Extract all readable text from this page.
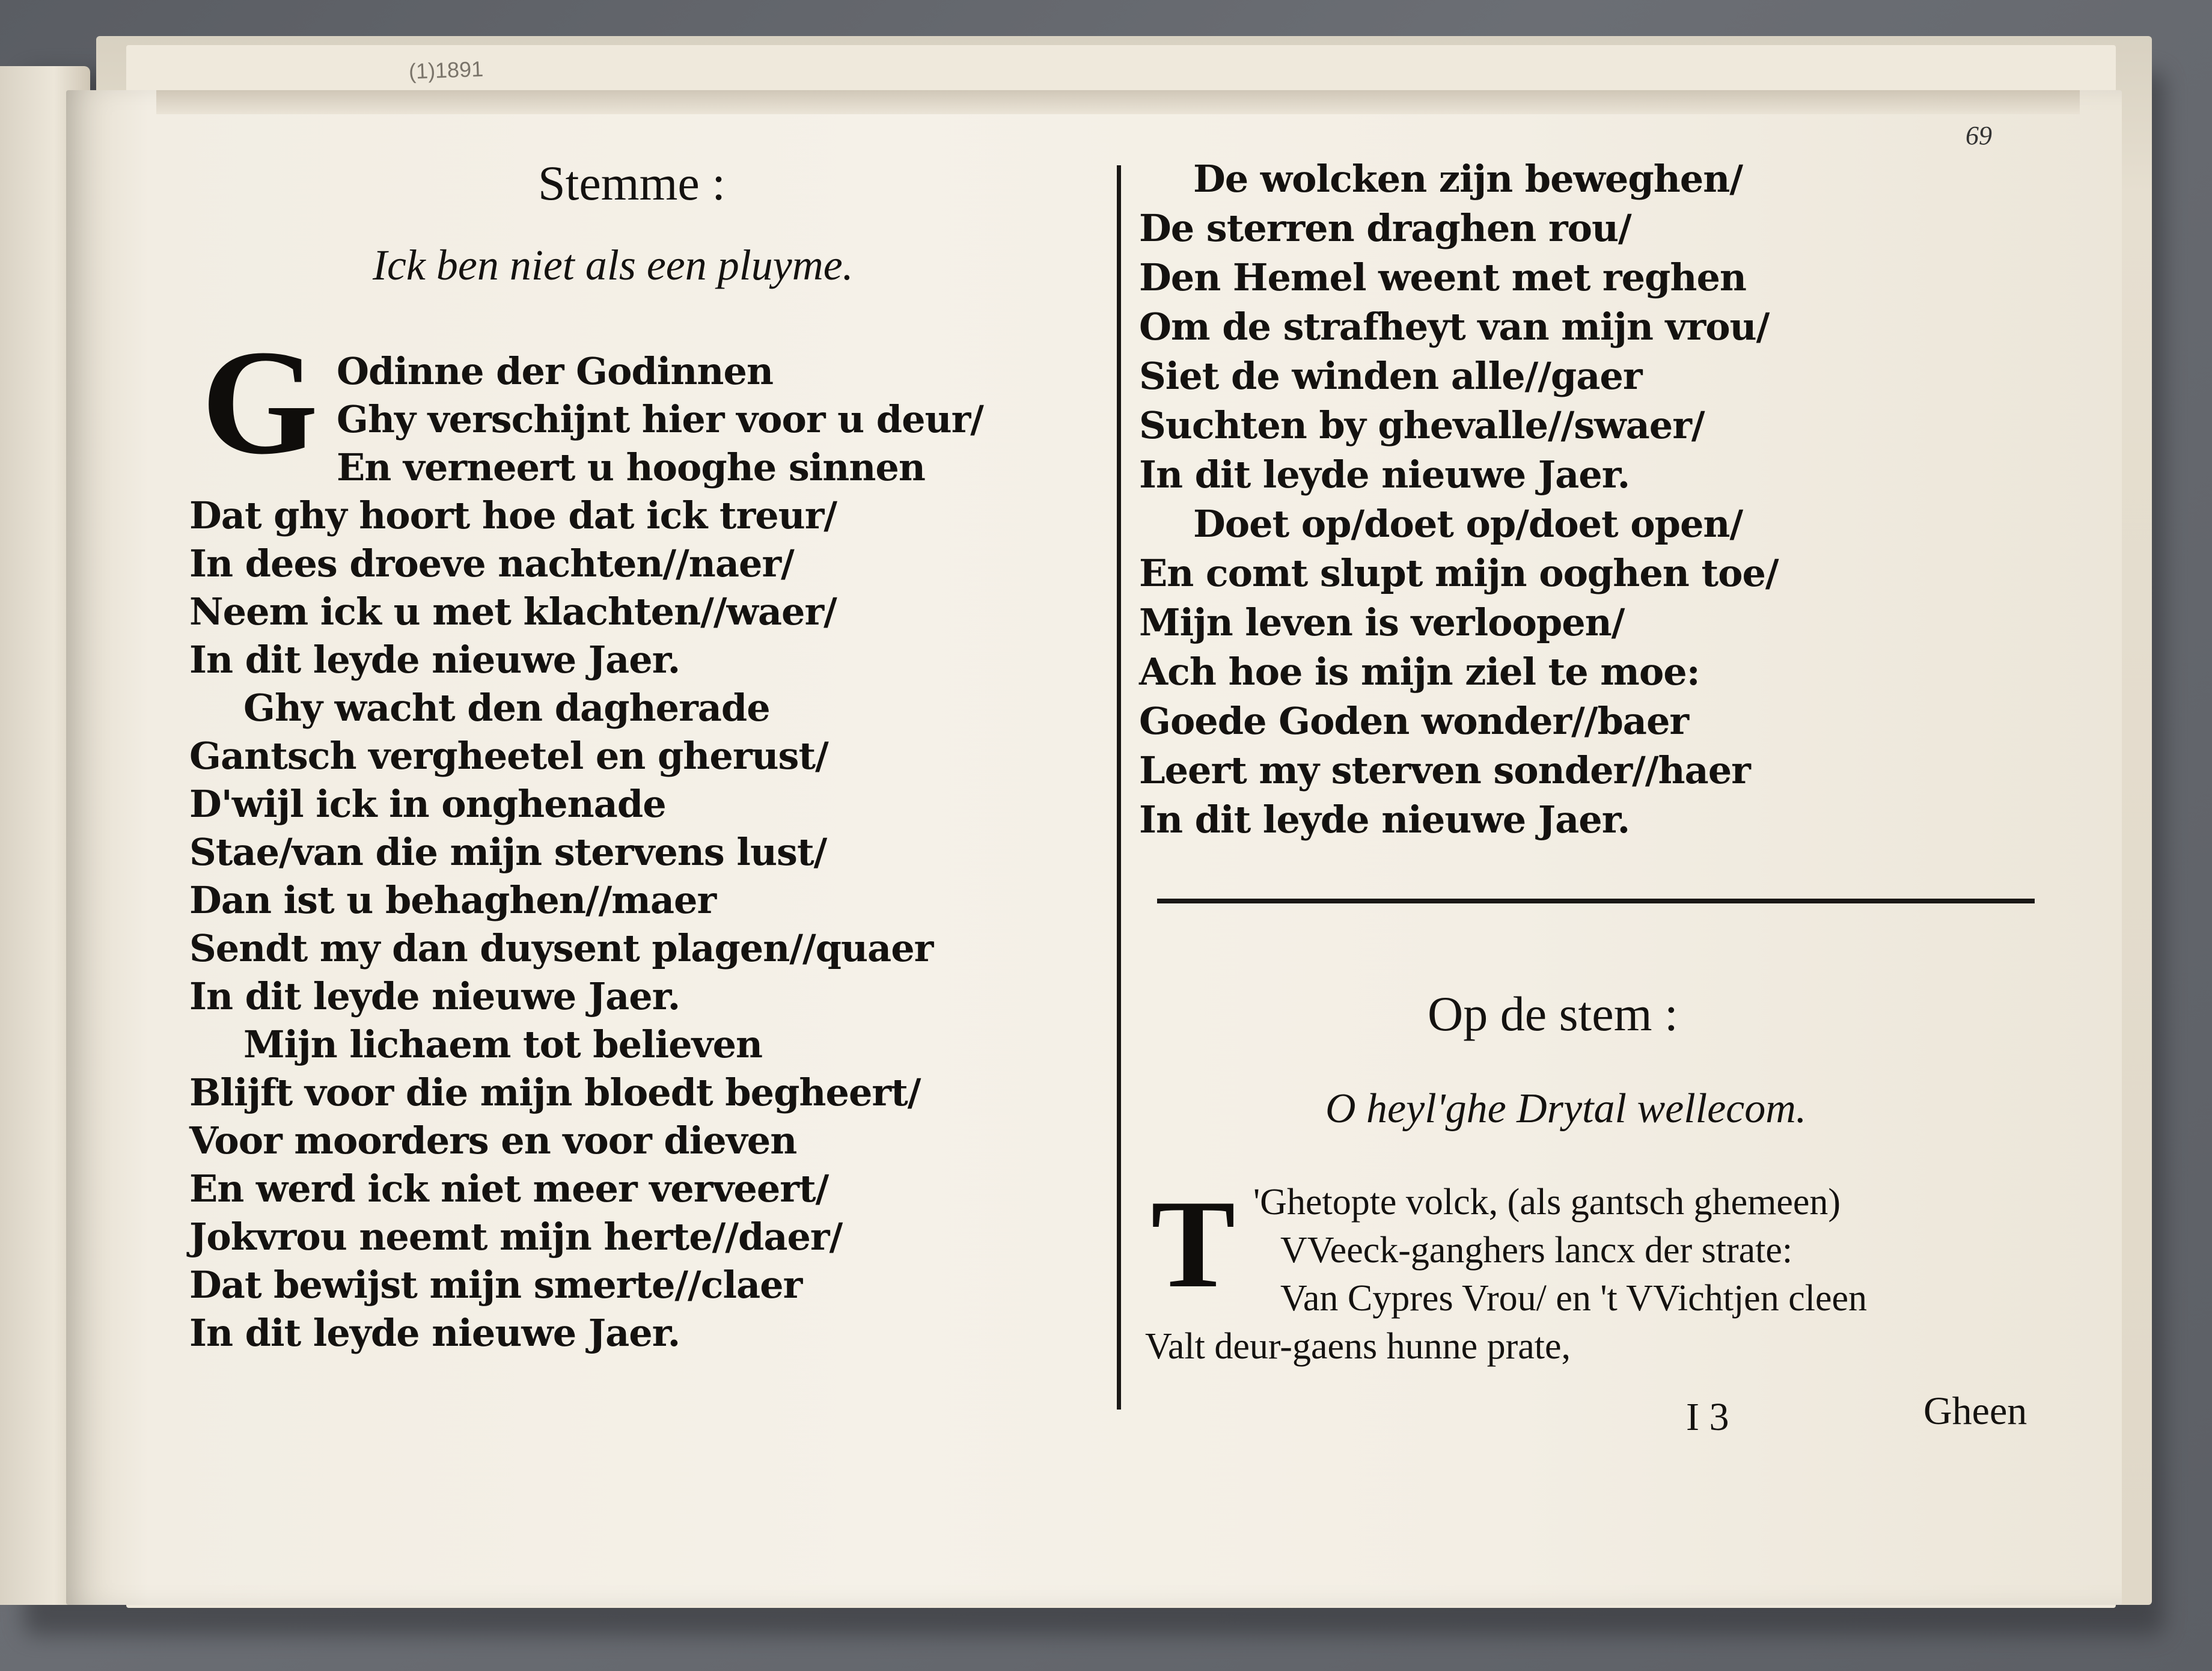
(1)1891
69
Stemme :
Ick ben niet als een pluyme.
G Odinne der Godinnen
Ghy verschijnt hier voor u deur/
En verneert u hooghe sinnen
Dat ghy hoort hoe dat ick treur/
In dees droeve nachten//naer/
Neem ick u met klachten//waer/
In dit leyde nieuwe Jaer.
Ghy wacht den dagherade
Gantsch vergheetel en gherust/
D'wijl ick in onghenade
Stae/van die mijn stervens lust/
Dan ist u behaghen//maer
Sendt my dan duysent plagen//quaer
In dit leyde nieuwe Jaer.
Mijn lichaem tot believen
Blijft voor die mijn bloedt begheert/
Voor moorders en voor dieven
En werd ick niet meer verveert/
Jokvrou neemt mijn herte//daer/
Dat bewijst mijn smerte//claer
In dit leyde nieuwe Jaer.
De wolcken zijn beweghen/
De sterren draghen rou/
Den Hemel weent met reghen
Om de strafheyt van mijn vrou/
Siet de winden alle//gaer
Suchten by ghevalle//swaer/
In dit leyde nieuwe Jaer.
Doet op/doet op/doet open/
En comt slupt mijn ooghen toe/
Mijn leven is verloopen/
Ach hoe is mijn ziel te moe:
Goede Goden wonder//baer
Leert my sterven sonder//haer
In dit leyde nieuwe Jaer.
Op de stem :
O heyl'ghe Drytal wellecom.
T 'Ghetopte volck, (als gantsch ghemeen)
VVeeck-ganghers lancx der strate:
Van Cypres Vrou/ en 't VVichtjen cleen
Valt deur-gaens hunne prate,
I 3	Gheen
